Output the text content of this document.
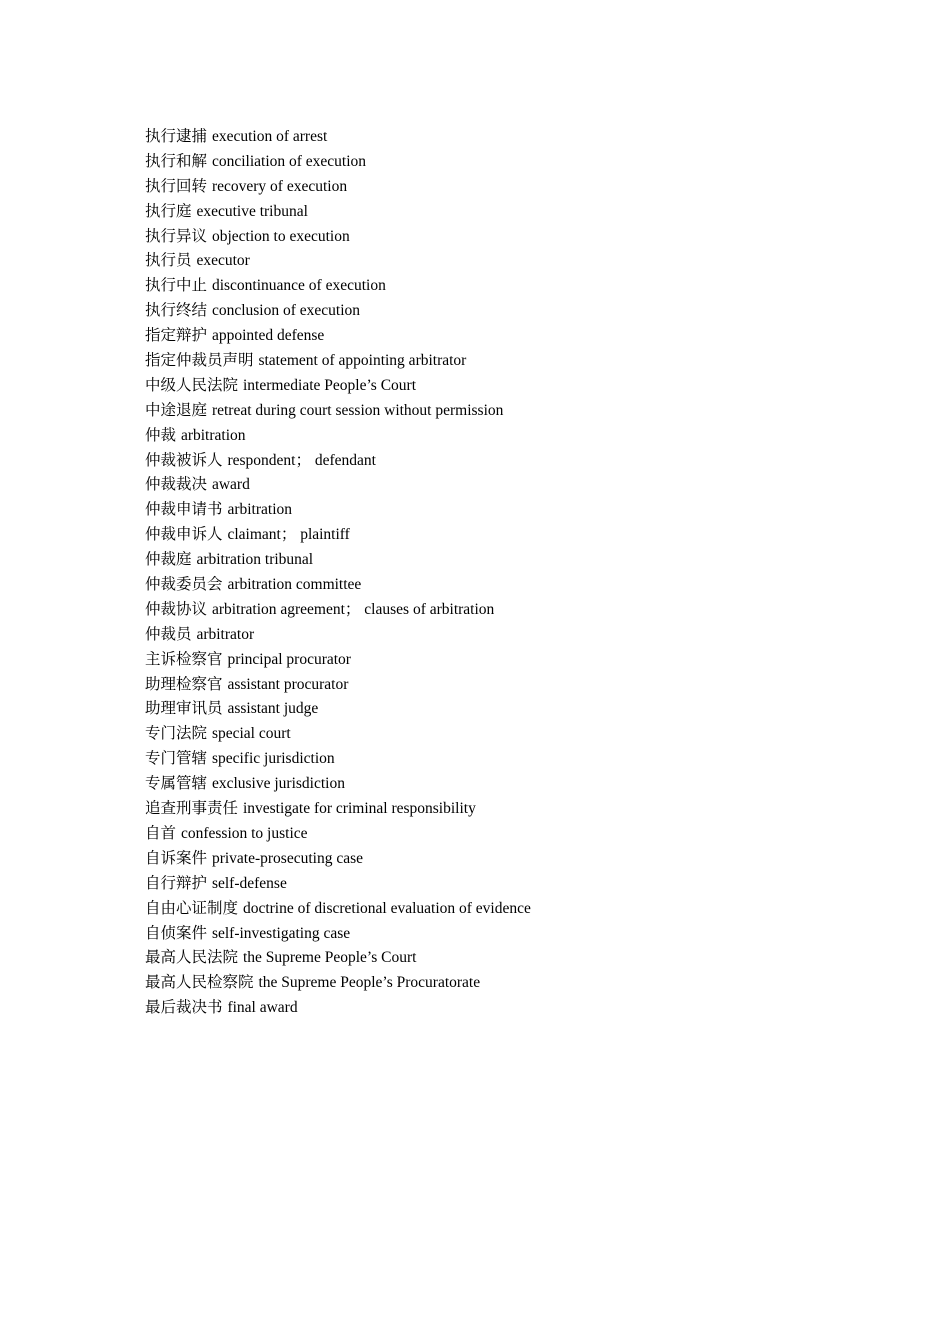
执行逮捕 execution of arrest
执行和解 conciliation of execution
执行回转 recovery of execution
执行庭 executive tribunal
执行异议 objection to execution
执行员 executor
执行中止 discontinuance of execution
执行终结 conclusion of execution
指定辩护 appointed defense
指定仲裁员声明 statement of appointing arbitrator
中级人民法院 intermediate People’s Court
中途退庭 retreat during court session without permission
仲裁 arbitration
仲裁被诉人 respondent； defendant
仲裁裁决 award
仲裁申请书 arbitration
仲裁申诉人 claimant； plaintiff
仲裁庭 arbitration tribunal
仲裁委员会 arbitration committee
仲裁协议 arbitration agreement； clauses of arbitration
仲裁员 arbitrator
主诉检察官 principal procurator
助理检察官 assistant procurator
助理审讯员 assistant judge
专门法院 special court
专门管辖 specific jurisdiction
专属管辖 exclusive jurisdiction
追查刑事责任 investigate for criminal responsibility
自首 confession to justice
自诉案件 private-prosecuting case
自行辩护 self-defense
自由心证制度 doctrine of discretional evaluation of evidence
自侦案件 self-investigating case
最高人民法院 the Supreme People’s Court
最高人民检察院 the Supreme People’s Procuratorate
最后裁决书 final award
